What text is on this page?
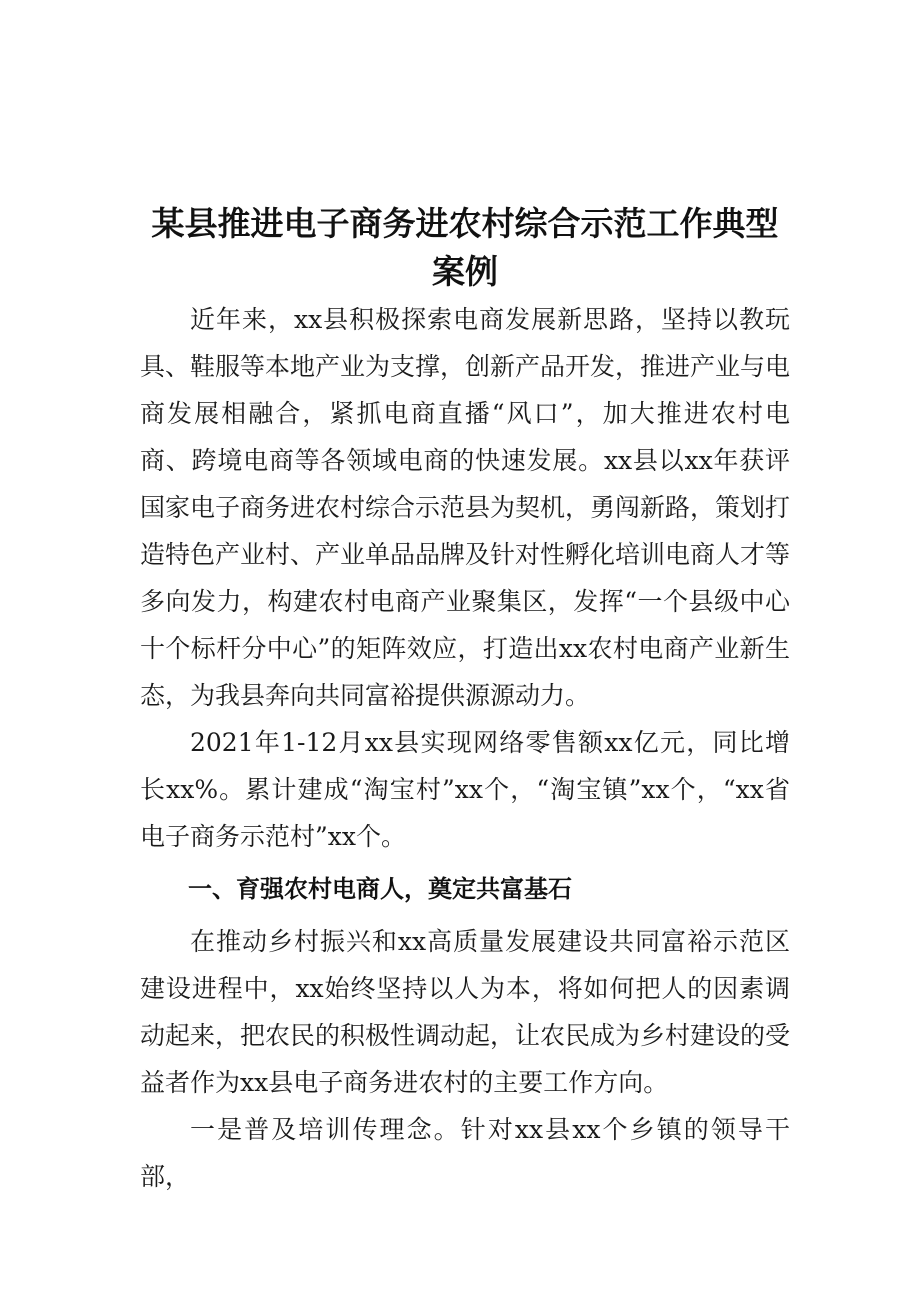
某县推进电子商务进农村综合示范工作典型案例

近年来，xx县积极探索电商发展新思路，坚持以教玩具、鞋服等本地产业为支撑，创新产品开发，推进产业与电商发展相融合，紧抓电商直播“风口”，加大推进农村电商、跨境电商等各领域电商的快速发展。xx县以xx年获评国家电子商务进农村综合示范县为契机，勇闯新路，策划打造特色产业村、产业单品品牌及针对性孵化培训电商人才等多向发力，构建农村电商产业聚集区，发挥“一个县级中心十个标杆分中心”的矩阵效应，打造出xx农村电商产业新生态，为我县奔向共同富裕提供源源动力。

2021年1-12月xx县实现网络零售额xx亿元，同比增长xx%。累计建成“淘宝村”xx个，“淘宝镇”xx个，“xx省电子商务示范村”xx个。

一、育强农村电商人，奠定共富基石

在推动乡村振兴和xx高质量发展建设共同富裕示范区建设进程中，xx始终坚持以人为本，将如何把人的因素调动起来，把农民的积极性调动起，让农民成为乡村建设的受益者作为xx县电子商务进农村的主要工作方向。

一是普及培训传理念。针对xx县xx个乡镇的领导干部，
